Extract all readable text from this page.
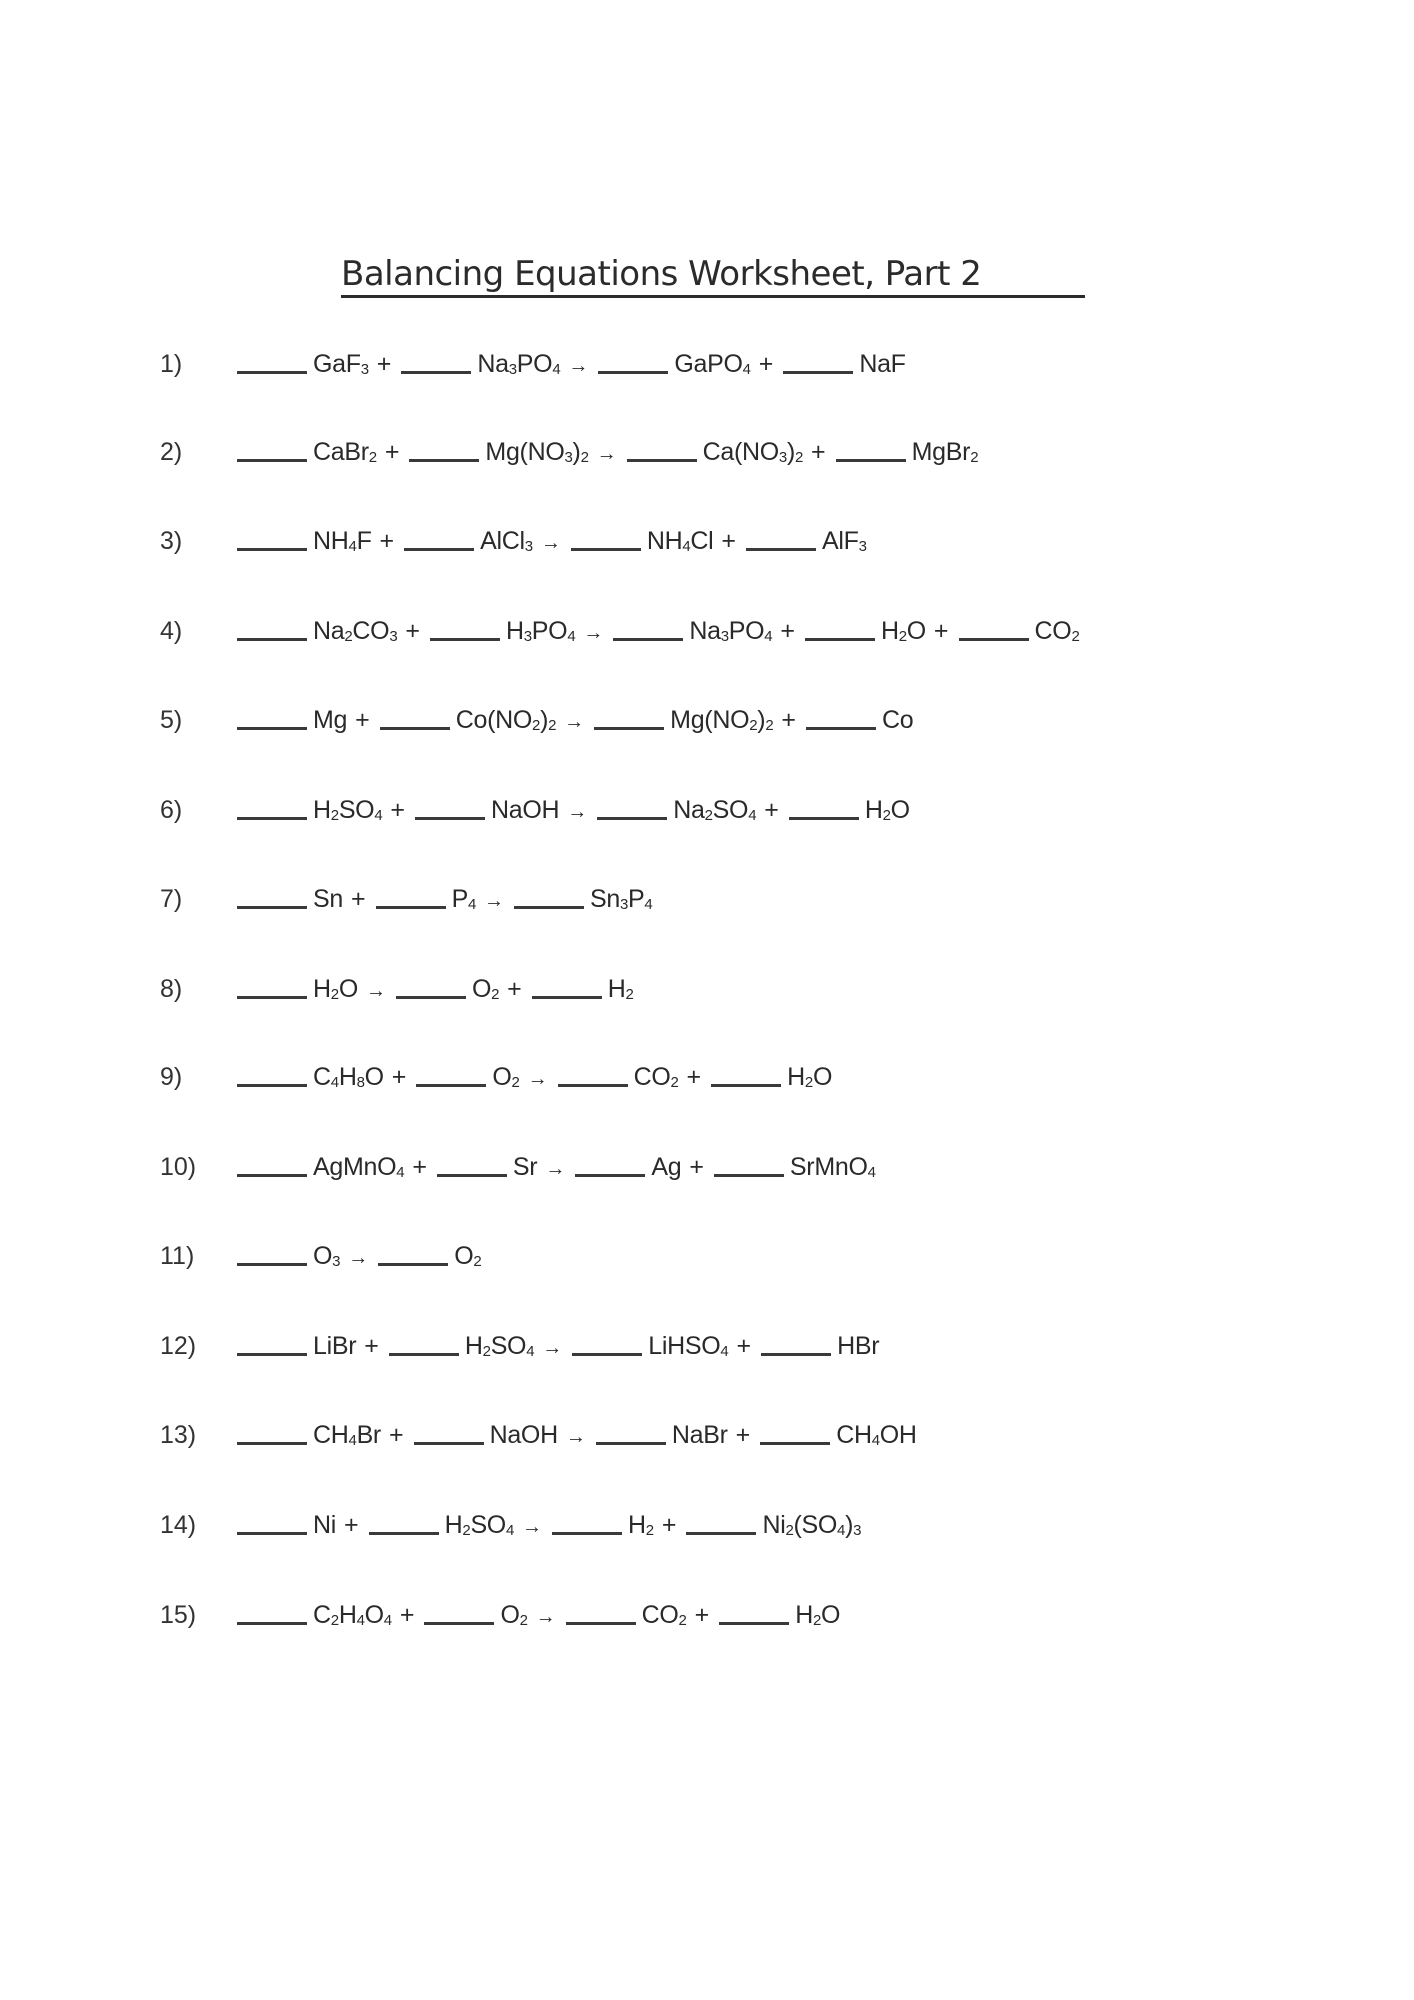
Balancing Equations Worksheet, Part 2
1)	GaF$_3$ +	$Na_3PO_4$ →	GaPO$_4$ +	NaF
2)	CaBr$_2$ +	$Mg(NO_3)_2$ →	$Ca(NO_3)_2$ +	MgBr$_2$
3)	$NH_4F$ +	AlCl$_3$ →	$NH_4Cl$ +	AlF$_3$
4)	$Na_2CO_3$ +	$H_3PO_4$ →	$Na_3PO_4$ +	$H_2O$ +	$CO_2$
5)	Mg +	$Co(NO_2)_2$ →	$Mg(NO_2)_2$ +	Co
6)	$H_2SO_4$ +	NaOH →	$Na_2SO_4$ +	$H_2O$
7)	Sn +	$P_4$ →	$Sn_3P_4$
8)	$H_2O$ →	$O_2$ +	$H_2$
9)	$C_4H_8O$ +	$O_2$ →	$CO_2$ +	$H_2O$
10)	AgMnO$_4$ +	Sr →	Ag +	SrMnO$_4$
11)	$O_3$ →	$O_2$
12)	LiBr +	$H_2SO_4$ →	LiHSO$_4$ +	HBr
13)	$CH_4Br$ +	NaOH →	NaBr +	$CH_4OH$
14)	Ni +	$H_2SO_4$ →	$H_2$ +	$Ni_2(SO_4)_3$
15)	$C_2H_4O_4$ +	$O_2$ →	$CO_2$ +	$H_2O$
